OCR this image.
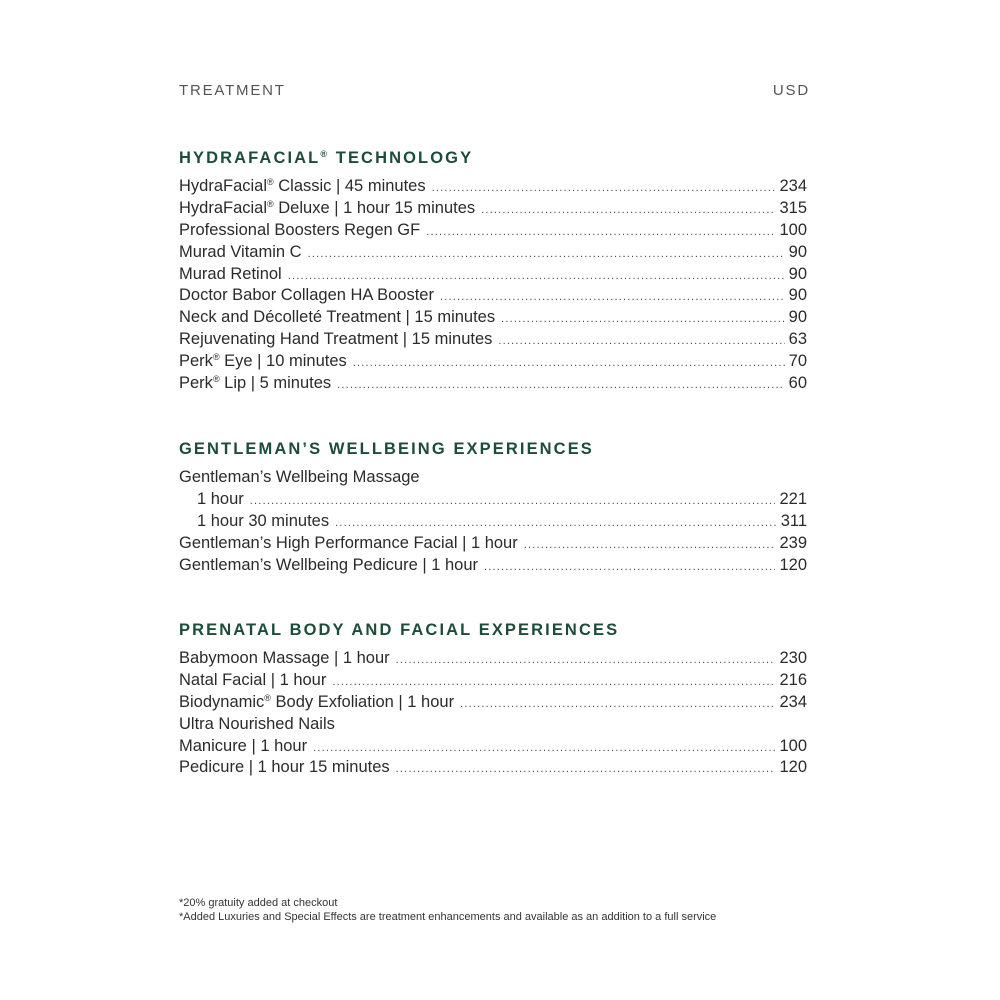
TREATMENT	USD
HYDRAFACIAL® TECHNOLOGY
HydraFacial® Classic | 45 minutes .....	234
HydraFacial® Deluxe | 1 hour 15 minutes .....	315
Professional Boosters Regen GF .....	100
Murad Vitamin C .....	90
Murad Retinol .....	90
Doctor Babor Collagen HA Booster .....	90
Neck and Décolleté Treatment | 15 minutes .....	90
Rejuvenating Hand Treatment | 15 minutes .....	63
Perk® Eye | 10 minutes .....	70
Perk® Lip | 5 minutes .....	60
GENTLEMAN’S WELLBEING EXPERIENCES
Gentleman’s Wellbeing Massage
1 hour .....	221
1 hour 30 minutes .....	311
Gentleman’s High Performance Facial | 1 hour .....	239
Gentleman’s Wellbeing Pedicure | 1 hour .....	120
PRENATAL BODY AND FACIAL EXPERIENCES
Babymoon Massage | 1 hour .....	230
Natal Facial | 1 hour .....	216
Biodynamic® Body Exfoliation | 1 hour .....	234
Ultra Nourished Nails
Manicure | 1 hour .....	100
Pedicure | 1 hour 15 minutes .....	120
*20% gratuity added at checkout
*Added Luxuries and Special Effects are treatment enhancements and available as an addition to a full service
